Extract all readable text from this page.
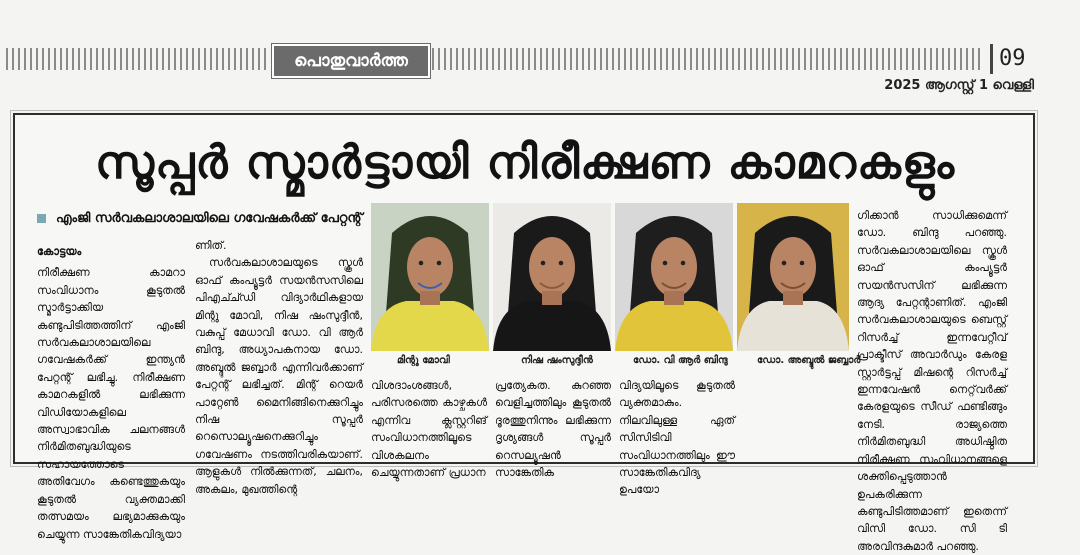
പൊതുവാർത്ത	09
2025 ആഗസ്റ്റ് 1 വെള്ളി
സൂപ്പർ സ്മാർട്ടായി നിരീക്ഷണ കാമറകളും
എംജി സർവകലാശാലയിലെ ഗവേഷകർക്ക് പേറ്റന്റ്
കോട്ടയം

നിരീക്ഷണ കാമറാ സംവിധാനം കൂടുതൽ സ്മാർട്ടാക്കിയ കണ്ടുപിടിത്തത്തിന് എംജി സർവകലാശാലയിലെ ഗവേഷകർക്ക് ഇന്ത്യൻ പേറ്റന്റ് ലഭിച്ചു. നിരീക്ഷണ കാമറകളിൽ ലഭിക്കുന്ന വിഡിയോകളിലെ അസ്വാഭാവിക ചലനങ്ങൾ നിർമിതബുദ്ധിയുടെ സഹായത്തോടെ അതിവേഗം കണ്ടെത്തുകയും കൂടുതൽ വ്യക്തമാക്കി തത്സമയം ലഭ്യമാക്കുകയും ചെയ്യുന്ന സാങ്കേതികവിദ്യയാ

ണിത്.

സർവകലാശാലയുടെ സ്കൂൾ ഓഫ് കംപ്യൂട്ടർ സയൻസസിലെ പിഎച്ച്ഡി വിദ്യാർഥികളായ മിന്റു മോവി, നിഷ ഷംസുദ്ദീൻ, വകുപ്പ് മേധാവി ഡോ. വി ആർ ബിന്ദു, അധ്യാപകനായ ഡോ. അബ്ദുൽ ജബ്ബാർ എന്നിവർക്കാണ് പേറ്റന്റ് ലഭിച്ചത്. മിന്റ് റെയർ പാറ്റേൺ മൈനിങ്ങിനെക്കുറിച്ചും നിഷ സൂപ്പർ റെസൊല്യൂഷനെക്കുറിച്ചും ഗവേഷണം നടത്തിവരികയാണ്. ആളുകൾ നിൽക്കുന്നത്, ചലനം, അകലം, മുഖത്തിന്റെ

മിന്റു മോവി	നിഷ ഷംസുദ്ദീൻ	ഡോ. വി ആർ ബിന്ദു	ഡോ. അബ്ദുൽ ജബ്ബാർ

വിശദാംശങ്ങൾ, പരിസരത്തെ കാഴ്ചകൾ എന്നിവ ക്ലസ്റ്ററിങ് സംവിധാനത്തിലൂടെ വിശകലനം ചെയ്യുന്നതാണ് പ്രധാന

പ്രത്യേകത. കുറഞ്ഞ വെളിച്ചത്തിലും കൂടുതൽ ദൂരത്തുനിന്നും ലഭിക്കുന്ന ദൃശ്യങ്ങൾ സൂപ്പർ റെസല്യൂഷൻ സാങ്കേതിക

വിദ്യയിലൂടെ കൂടുതൽ വ്യക്തമാകും. നിലവിലുള്ള ഏത് സിസിടിവി സംവിധാനത്തിലും ഈ സാങ്കേതികവിദ്യ ഉപയോ

ഗിക്കാൻ സാധിക്കുമെന്ന് ഡോ. ബിന്ദു പറഞ്ഞു. സർവകലാശാലയിലെ സ്കൂൾ ഓഫ് കംപ്യൂട്ടർ സയൻസസിന് ലഭിക്കുന്ന ആദ്യ പേറ്റന്റാണിത്. എംജി സർവകലാശാലയുടെ ബെസ്റ്റ് റിസർച്ച് ഇന്നവേറ്റീവ് പ്രാക്ടീസ് അവാർഡും കേരള സ്റ്റാർട്ടപ്പ് മിഷന്റെ റിസർച്ച് ഇന്നവേഷൻ നെറ്റ്‌വർക്ക് കേരളയുടെ സീഡ് ഫണ്ടിങ്ങും നേടി. രാജ്യത്തെ നിർമിതബുദ്ധി അധിഷ്ഠിത നിരീക്ഷണ സംവിധാനങ്ങളെ ശക്തിപ്പെടുത്താൻ ഉപകരിക്കുന്ന കണ്ടുപിടിത്തമാണ് ഇതെന്ന് വിസി ഡോ. സി ടി അരവിന്ദകുമാർ പറഞ്ഞു.
